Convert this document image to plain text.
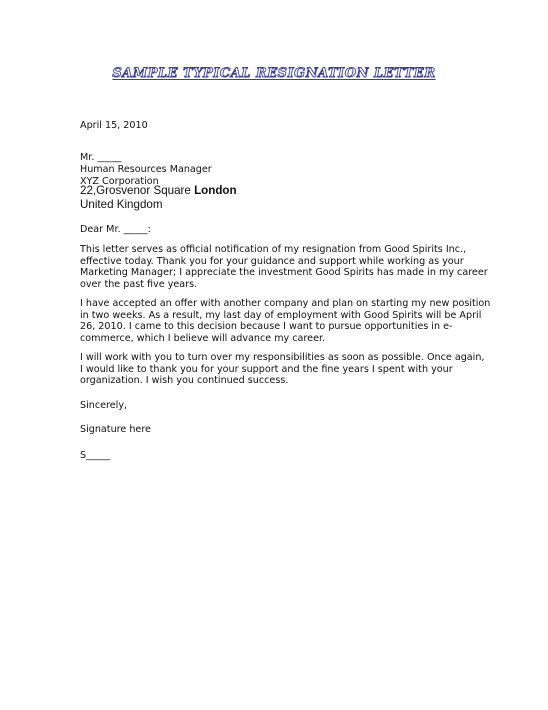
SAMPLE TYPICAL RESIGNATION LETTER
April 15, 2010
Mr. _____
Human Resources Manager
XYZ Corporation
22,Grosvenor Square London
United Kingdom
Dear Mr. _____:
This letter serves as official notification of my resignation from Good Spirits Inc.,
effective today. Thank you for your guidance and support while working as your
Marketing Manager; I appreciate the investment Good Spirits has made in my career
over the past five years.
I have accepted an offer with another company and plan on starting my new position
in two weeks. As a result, my last day of employment with Good Spirits will be April
26, 2010. I came to this decision because I want to pursue opportunities in e-
commerce, which I believe will advance my career.
I will work with you to turn over my responsibilities as soon as possible. Once again,
I would like to thank you for your support and the fine years I spent with your
organization. I wish you continued success.
Sincerely,
Signature here
S_____
